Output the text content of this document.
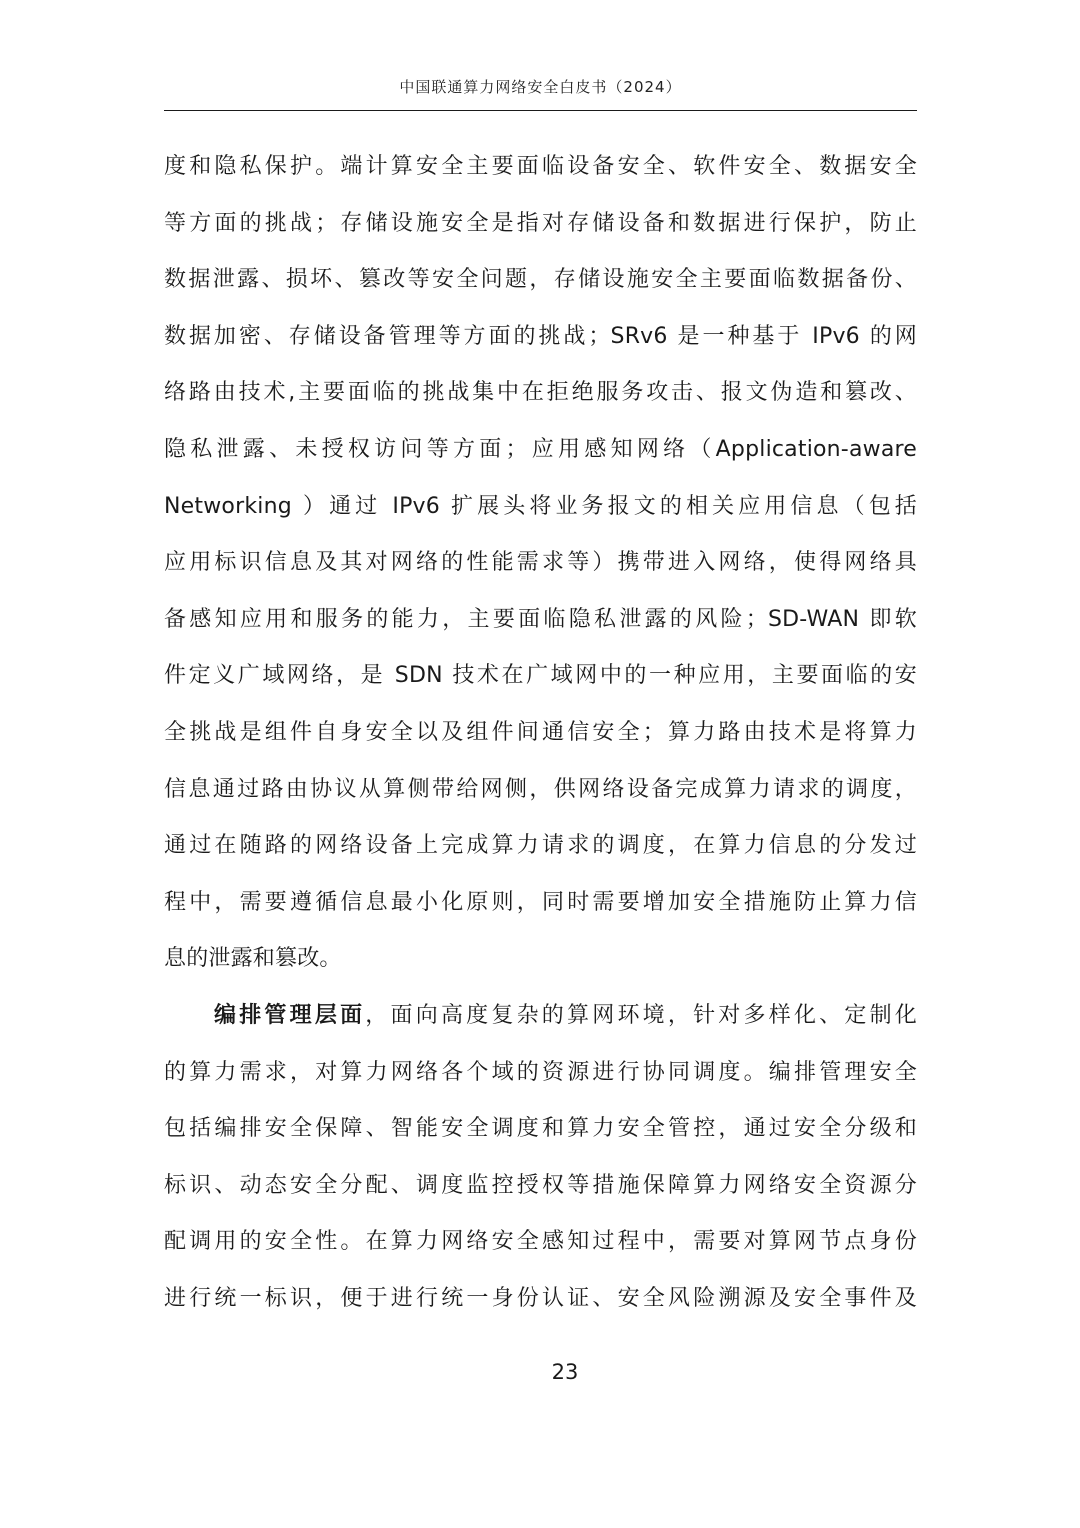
中国联通算力网络安全白皮书（2024）
度和隐私保护。端计算安全主要面临设备安全、软件安全、数据安全
等方面的挑战；存储设施安全是指对存储设备和数据进行保护，防止
数据泄露、损坏、篡改等安全问题，存储设施安全主要面临数据备份、
数据加密、存储设备管理等方面的挑战；SRv6 是一种基于 IPv6 的网
络路由技术,主要面临的挑战集中在拒绝服务攻击、报文伪造和篡改、
隐私泄露、未授权访问等方面；应用感知网络（Application-aware
Networking ）通过 IPv6 扩展头将业务报文的相关应用信息（包括
应用标识信息及其对网络的性能需求等）携带进入网络，使得网络具
备感知应用和服务的能力，主要面临隐私泄露的风险；SD-WAN 即软
件定义广域网络，是 SDN 技术在广域网中的一种应用，主要面临的安
全挑战是组件自身安全以及组件间通信安全；算力路由技术是将算力
信息通过路由协议从算侧带给网侧，供网络设备完成算力请求的调度，
通过在随路的网络设备上完成算力请求的调度，在算力信息的分发过
程中，需要遵循信息最小化原则，同时需要增加安全措施防止算力信
息的泄露和篡改。
编排管理层面，面向高度复杂的算网环境，针对多样化、定制化
的算力需求，对算力网络各个域的资源进行协同调度。编排管理安全
包括编排安全保障、智能安全调度和算力安全管控，通过安全分级和
标识、动态安全分配、调度监控授权等措施保障算力网络安全资源分
配调用的安全性。在算力网络安全感知过程中，需要对算网节点身份
进行统一标识，便于进行统一身份认证、安全风险溯源及安全事件及
23
